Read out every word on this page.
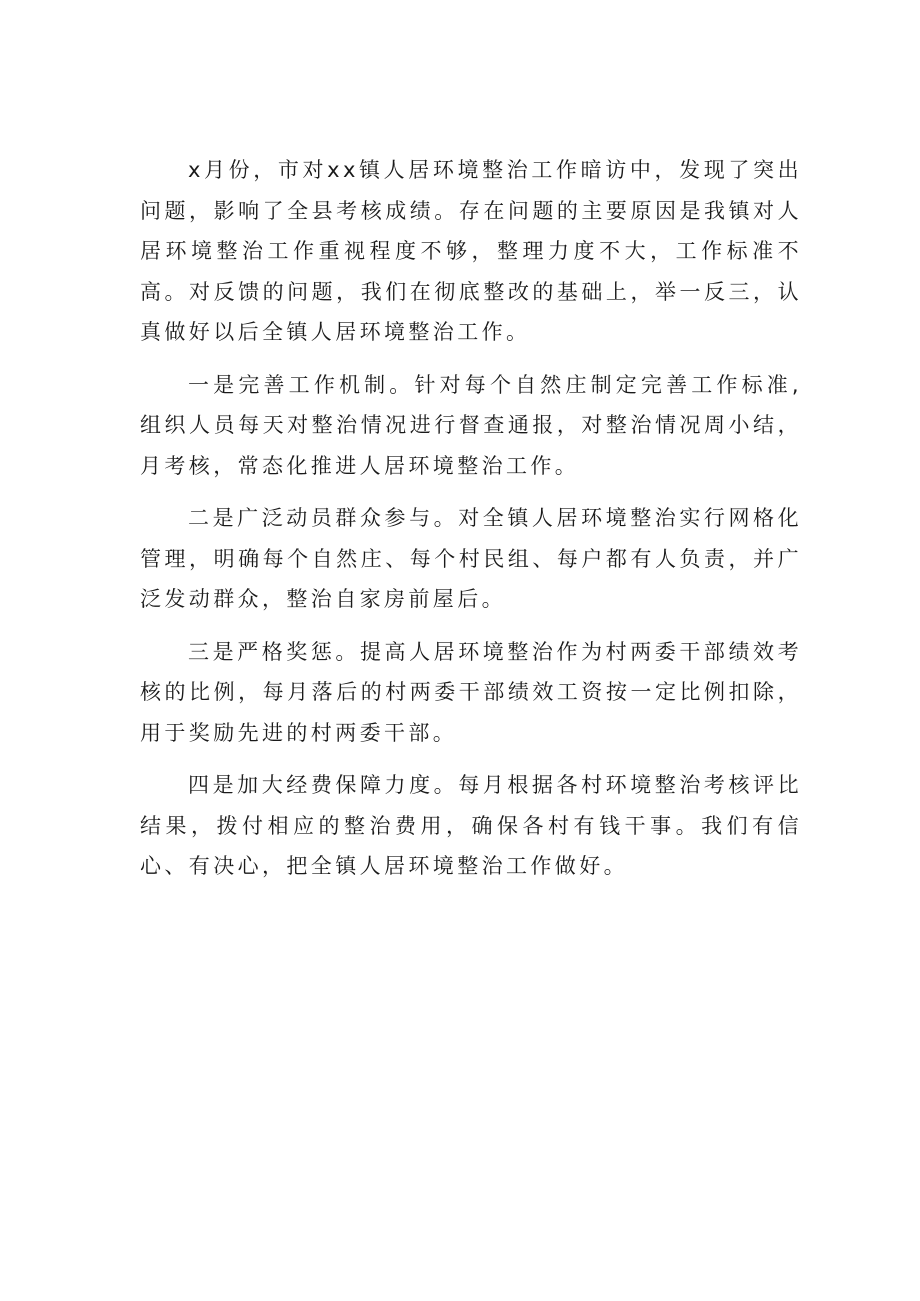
x月份，市对xx镇人居环境整治工作暗访中，发现了突出问题，影响了全县考核成绩。存在问题的主要原因是我镇对人居环境整治工作重视程度不够，整理力度不大，工作标准不高。对反馈的问题，我们在彻底整改的基础上，举一反三，认真做好以后全镇人居环境整治工作。

一是完善工作机制。针对每个自然庄制定完善工作标准,组织人员每天对整治情况进行督查通报，对整治情况周小结，月考核，常态化推进人居环境整治工作。

二是广泛动员群众参与。对全镇人居环境整治实行网格化管理，明确每个自然庄、每个村民组、每户都有人负责，并广泛发动群众，整治自家房前屋后。

三是严格奖惩。提高人居环境整治作为村两委干部绩效考核的比例，每月落后的村两委干部绩效工资按一定比例扣除，用于奖励先进的村两委干部。

四是加大经费保障力度。每月根据各村环境整治考核评比结果，拨付相应的整治费用，确保各村有钱干事。我们有信心、有决心，把全镇人居环境整治工作做好。
